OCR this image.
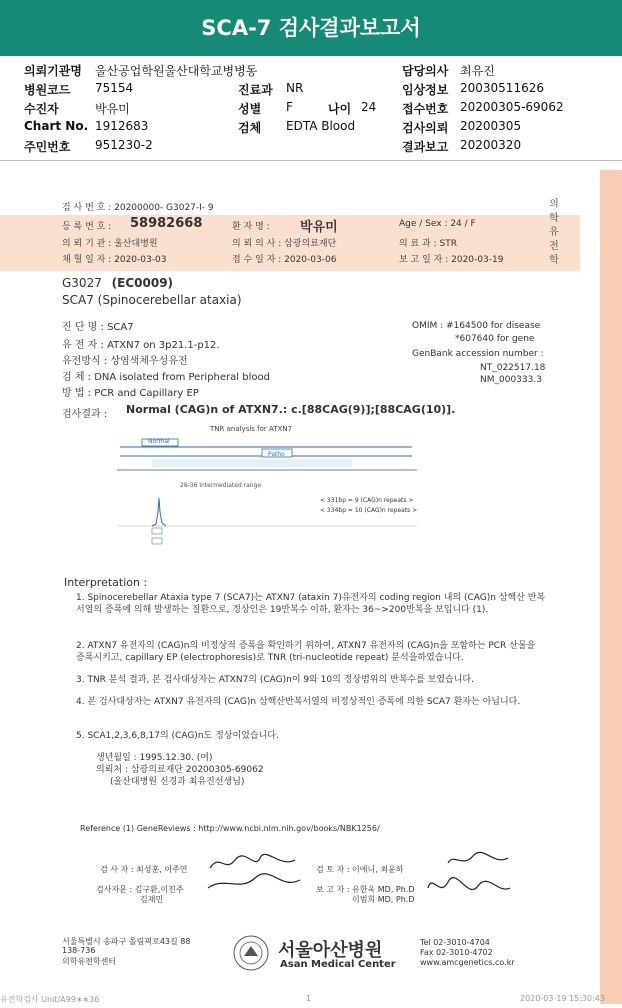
SCA-7 검사결과보고서
의뢰기관명 울산공업학원울산대학교병병동	담당의사 최유진
병원코드 75154	진료과 NR	임상정보 20030511626
수진자	박유미	성별 F	나이 24 접수번호 20200305-69062
Chart No. 1912683	검체 EDTA Blood	검사의뢰 20200305
주민번호 951230-2	결과보고 20200320
검 사 번 호 : 20200000- G3027-I- 9
등 록 번 호 : 58982668	환 자 명 : 박유미	Age / Sex : 24 / F
의 뢰 기 관 : 울산대병원	의 뢰 의 사 : 삼광의료재단	의 료 과 : STR
채 혈 일 자 : 2020-03-03	접 수 일 자 : 2020-03-06	보 고 일 자 : 2020-03-19
의학유전학
G3027 (EC0009)
SCA7 (Spinocerebellar ataxia)
진 단 명 : SCA7
유 전 자 : ATXN7 on 3p21.1-p12.
유전방식 : 상염색체우성유전
검 체 : DNA isolated from Peripheral blood
방 법 : PCR and Capillary EP
OMIM : #164500 for disease
*607640 for gene
GenBank accession number :
NT_022517.18
NM_000333.3
검사결과 : Normal (CAG)n of ATXN7.: c.[88CAG(9)];[88CAG(10)].
TNR analysis for ATXN7
Normal
Patho
28-36 intermediated range
< 331bp = 9 (CAG)n repeats >
< 334bp = 10 (CAG)n repeats >
Interpretation :
1. Spinocerebellar Ataxia type 7 (SCA7)는 ATXN7 (ataxin 7)유전자의 coding region 내의 (CAG)n 삼핵산 반복서열의 증폭에 의해 발생하는 질환으로, 정상인은 19반복수 이하, 환자는 36~>200반복을 보입니다 (1).
2. ATXN7 유전자의 (CAG)n의 비정상적 증폭을 확인하기 위하여, ATXN7 유전자의 (CAG)n을 포함하는 PCR 산물을 증폭시키고, capillary EP (electrophoresis)로 TNR (tri-nucleotide repeat) 분석을하였습니다.
3. TNR 분석 결과, 본 검사대상자는 ATXN7의 (CAG)n이 9와 10의 정상범위의 반복수를 보였습니다.
4. 본 검사대상자는 ATXN7 유전자의 (CAG)n 삼핵산반복서열의 비정상적인 증폭에 의한 SCA7 환자는 아닙니다.
5. SCA1,2,3,6,8,17의 (CAG)n도 정상이었습니다.
생년월일 : 1995.12.30. (여)
의뢰처 : 삼광의료재단 20200305-69062
(울산대병원 신경과 최유진선생님)
Reference (1) GeneReviews : http://www.ncbi.nlm.nih.gov/books/NBK1256/
검 사 자 : 최성훈, 이주연	검 토 자 : 이애니, 최윤하
검사자문 : 김구환,이진주
김재민
보 고 자 : 유한욱 MD, Ph.D
이범희 MD, Ph.D
서울특별시 송파구 올림픽로43길 88
138-736
의학유전학센터
서울아산병원
Asan Medical Center
Tel 02-3010-4704
Fax 02-3010-4702
www.amcgenetics.co.kr
유전학검사 Unit/A99∗∗36	1	2020-03-19 15:30:43
